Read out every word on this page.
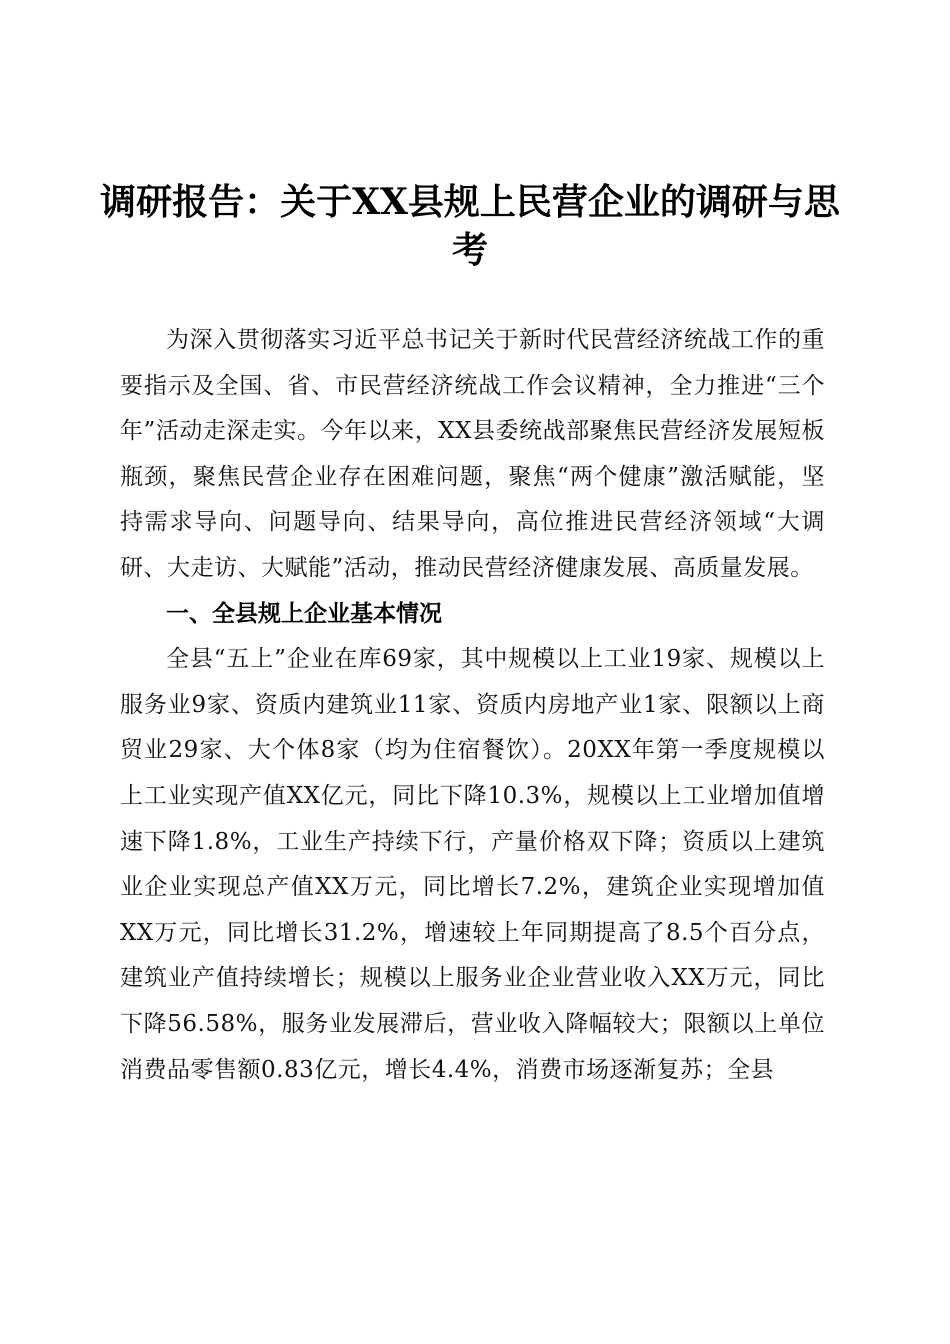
调研报告：关于XX县规上民营企业的调研与思考

为深入贯彻落实习近平总书记关于新时代民营经济统战工作的重要指示及全国、省、市民营经济统战工作会议精神，全力推进“三个年”活动走深走实。今年以来，XX县委统战部聚焦民营经济发展短板瓶颈，聚焦民营企业存在困难问题，聚焦“两个健康”激活赋能，坚持需求导向、问题导向、结果导向，高位推进民营经济领域“大调研、大走访、大赋能”活动，推动民营经济健康发展、高质量发展。

一、全县规上企业基本情况

全县“五上”企业在库69家，其中规模以上工业19家、规模以上服务业9家、资质内建筑业11家、资质内房地产业1家、限额以上商贸业29家、大个体8家（均为住宿餐饮）。20XX年第一季度规模以上工业实现产值XX亿元，同比下降10.3%，规模以上工业增加值增速下降1.8%，工业生产持续下行，产量价格双下降；资质以上建筑业企业实现总产值XX万元，同比增长7.2%，建筑企业实现增加值XX万元，同比增长31.2%，增速较上年同期提高了8.5个百分点，建筑业产值持续增长；规模以上服务业企业营业收入XX万元，同比下降56.58%，服务业发展滞后，营业收入降幅较大；限额以上单位消费品零售额0.83亿元，增长4.4%，消费市场逐渐复苏；全县
